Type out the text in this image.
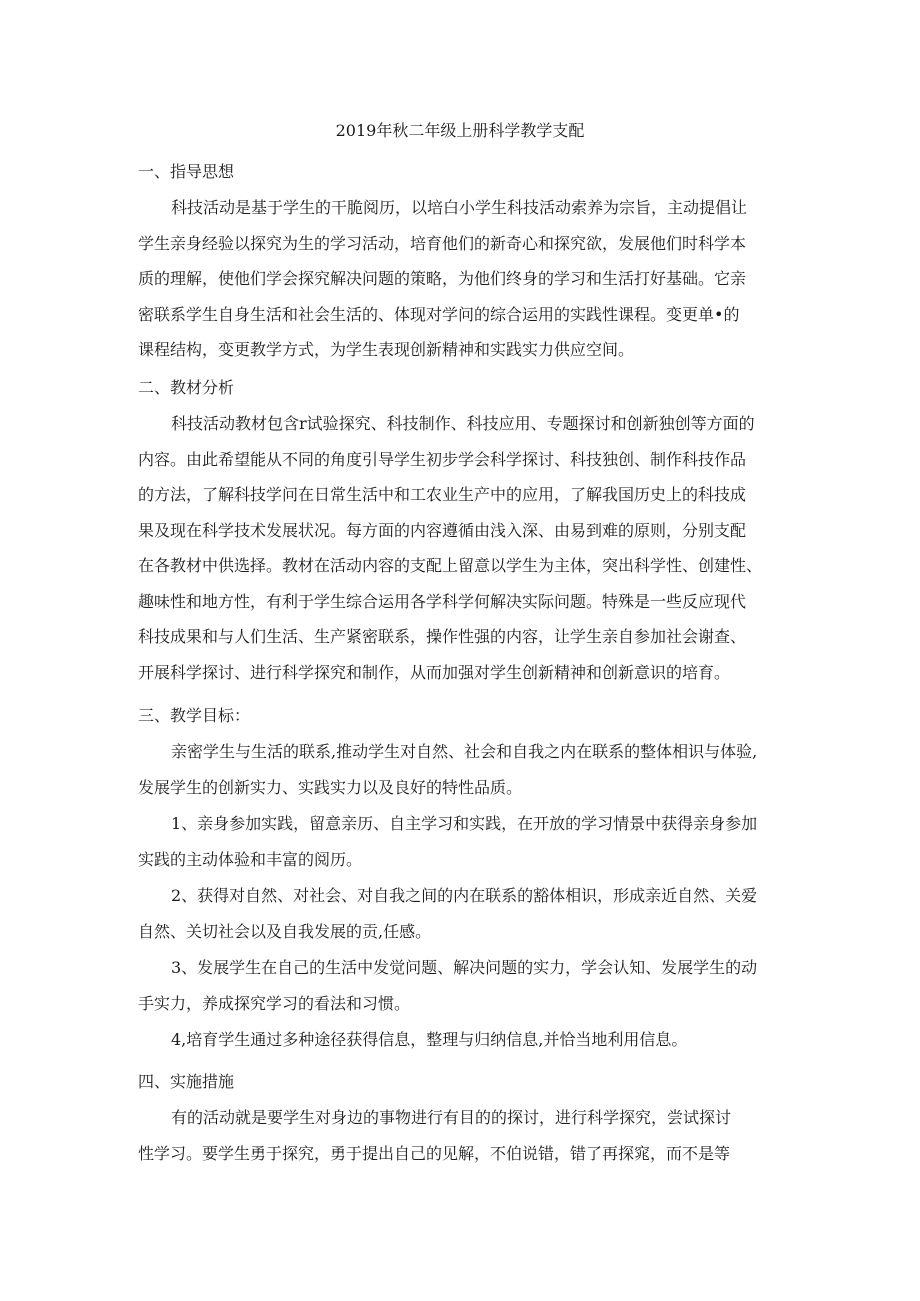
2019年秋二年级上册科学教学支配
一、指导思想
科技活动是基于学生的干脆阅历，以培白小学生科技活动索养为宗旨，主动提倡让
学生亲身经验以探究为生的学习活动，培育他们的新奇心和探究欲，发展他们时科学本
质的理解，使他们学会探究解决问题的策略，为他们终身的学习和生活打好基础。它亲
密联系学生自身生活和社会生活的、体现对学问的综合运用的实践性课程。变更单•的
课程结构，变更教学方式，为学生表现创新精神和实践实力供应空间。
二、教材分析
科技活动教材包含r试验探究、科技制作、科技应用、专题探讨和创新独创等方面的
内容。由此希望能从不同的角度引导学生初步学会科学探讨、科技独创、制作科技作品
的方法，了解科技学问在日常生活中和工农业生产中的应用，了解我国历史上的科技成
果及现在科学技术发展状况。每方面的内容遵循由浅入深、由易到难的原则，分别支配
在各教材中供选择。教材在活动内容的支配上留意以学生为主体，突出科学性、创建性、
趣味性和地方性，有利于学生综合运用各学科学何解决实际问题。特殊是一些反应现代
科技成果和与人们生活、生产紧密联系，操作性强的内容，让学生亲自参加社会谢查、
开展科学探讨、进行科学探究和制作，从而加强对学生创新精神和创新意识的培育。
三、教学目标：
亲密学生与生活的联系,推动学生对自然、社会和自我之内在联系的整体相识与体验,
发展学生的创新实力、实践实力以及良好的特性品质。
1、亲身参加实践，留意亲历、自主学习和实践，在开放的学习情景中获得亲身参加
实践的主动体验和丰富的阅历。
2、获得对自然、对社会、对自我之间的内在联系的豁体相识，形成亲近自然、关爱
自然、关切社会以及自我发展的贡,任感。
3、发展学生在自己的生活中发觉问题、解决问题的实力，学会认知、发展学生的动
手实力，养成探究学习的看法和习惯。
4,培育学生通过多种途径获得信息，整理与归纳信息,并恰当地利用信息。
四、实施措施
有的活动就是要学生对身边的事物进行有目的的探讨，进行科学探究，尝试探讨
性学习。要学生勇于探究，勇于提出自己的见解，不伯说错，错了再探窕，而不是等
